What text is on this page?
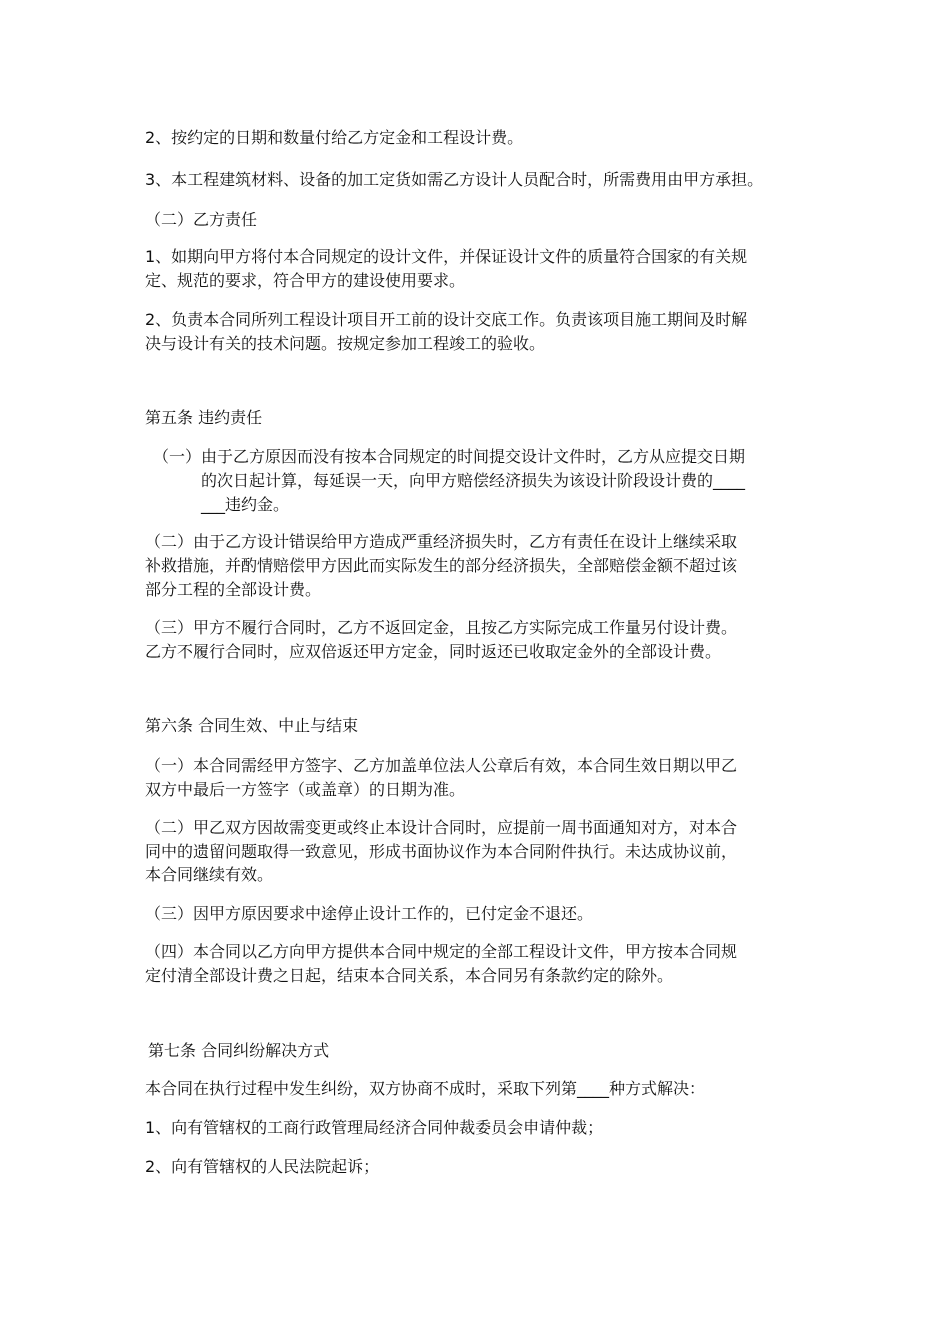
2、按约定的日期和数量付给乙方定金和工程设计费。
3、本工程建筑材料、设备的加工定货如需乙方设计人员配合时，所需费用由甲方承担。
（二）乙方责任
1、如期向甲方将付本合同规定的设计文件，并保证设计文件的质量符合国家的有关规
定、规范的要求，符合甲方的建设使用要求。
2、负责本合同所列工程设计项目开工前的设计交底工作。负责该项目施工期间及时解
决与设计有关的技术问题。按规定参加工程竣工的验收。
第五条 违约责任
（一） 由于乙方原因而没有按本合同规定的时间提交设计文件时，乙方从应提交日期
的次日起计算，每延误一天，向甲方赔偿经济损失为该设计阶段设计费的____
___违约金。
（二）由于乙方设计错误给甲方造成严重经济损失时，乙方有责任在设计上继续采取
补救措施，并酌情赔偿甲方因此而实际发生的部分经济损失，全部赔偿金额不超过该
部分工程的全部设计费。
（三）甲方不履行合同时，乙方不返回定金，且按乙方实际完成工作量另付设计费。
乙方不履行合同时，应双倍返还甲方定金，同时返还已收取定金外的全部设计费。
第六条 合同生效、中止与结束
（一）本合同需经甲方签字、乙方加盖单位法人公章后有效，本合同生效日期以甲乙
双方中最后一方签字（或盖章）的日期为准。
（二）甲乙双方因故需变更或终止本设计合同时，应提前一周书面通知对方，对本合
同中的遗留问题取得一致意见，形成书面协议作为本合同附件执行。未达成协议前，
本合同继续有效。
（三）因甲方原因要求中途停止设计工作的，已付定金不退还。
（四）本合同以乙方向甲方提供本合同中规定的全部工程设计文件，甲方按本合同规
定付清全部设计费之日起，结束本合同关系，本合同另有条款约定的除外。
第七条 合同纠纷解决方式
本合同在执行过程中发生纠纷，双方协商不成时，采取下列第____种方式解决：
1、向有管辖权的工商行政管理局经济合同仲裁委员会申请仲裁；
2、向有管辖权的人民法院起诉；
